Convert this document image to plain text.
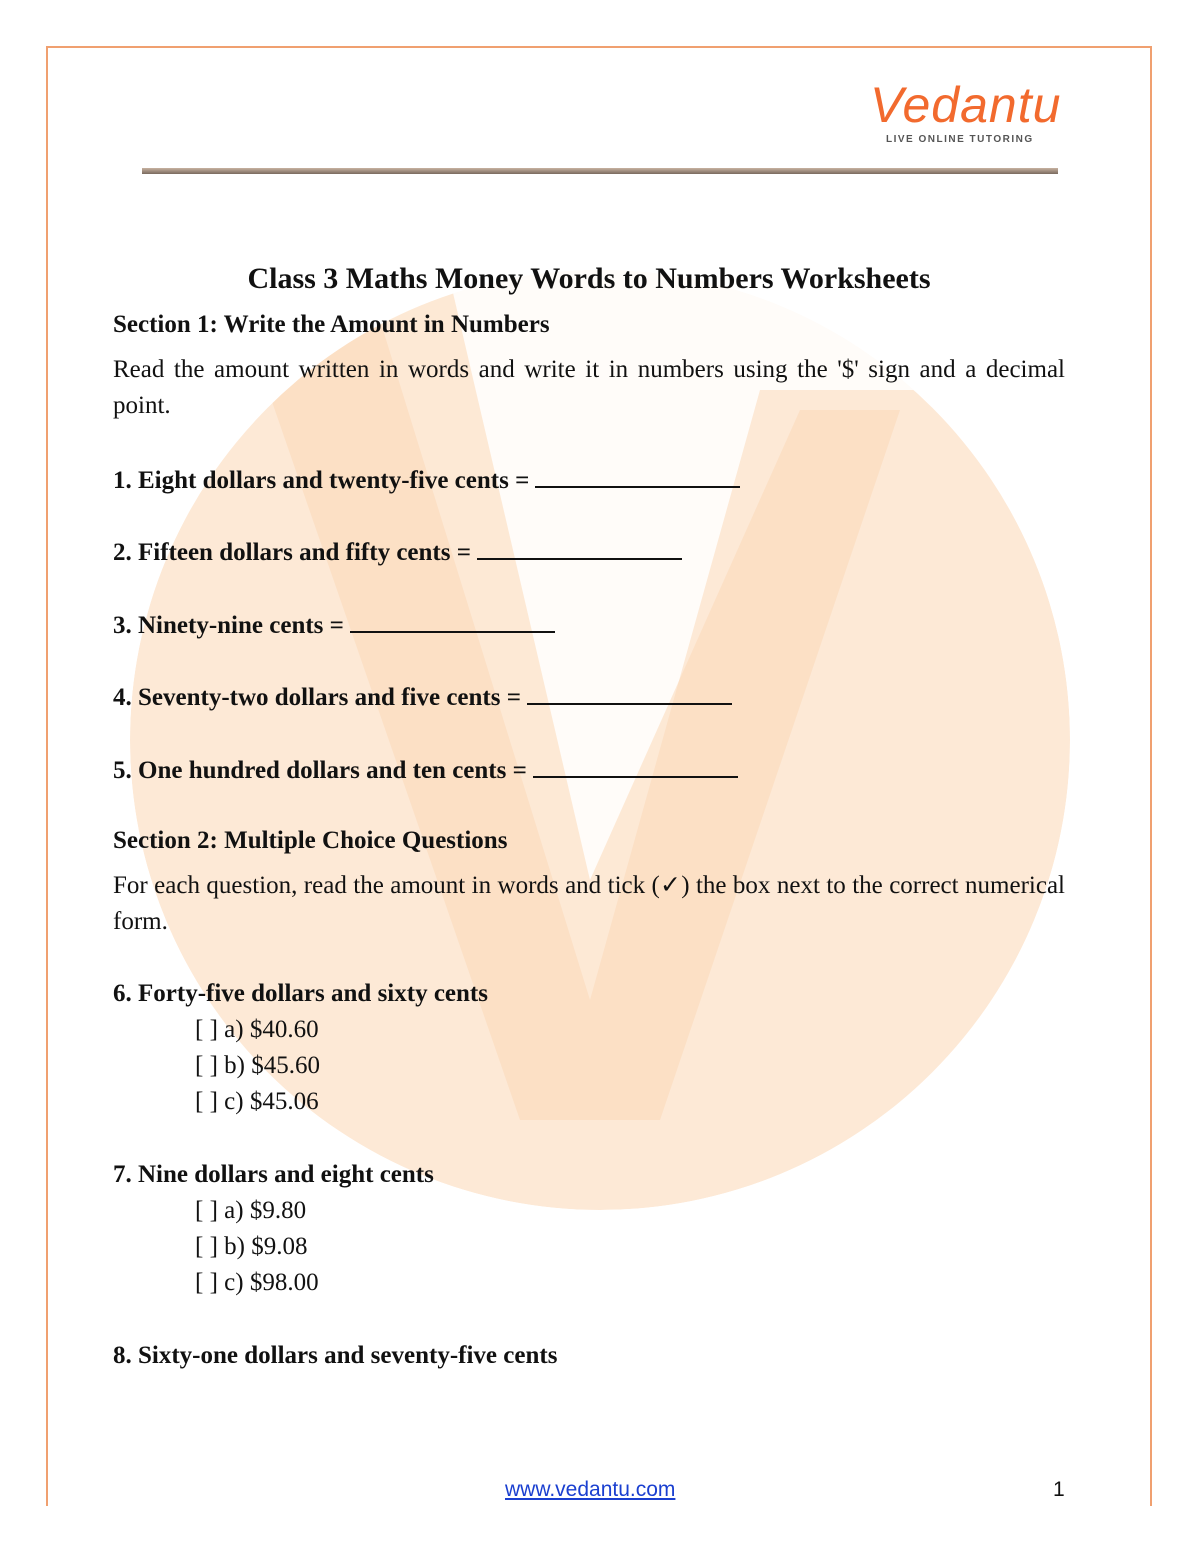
Vedantu
LIVE ONLINE TUTORING
Class 3 Maths Money Words to Numbers Worksheets
Section 1: Write the Amount in Numbers
Read the amount written in words and write it in numbers using the '$' sign and a decimal point.
1. Eight dollars and twenty-five cents =
2. Fifteen dollars and fifty cents =
3. Ninety-nine cents =
4. Seventy-two dollars and five cents =
5. One hundred dollars and ten cents =
Section 2: Multiple Choice Questions
For each question, read the amount in words and tick (✓) the box next to the correct numerical form.
6. Forty-five dollars and sixty cents
[ ] a) $40.60
[ ] b) $45.60
[ ] c) $45.06
7. Nine dollars and eight cents
[ ] a) $9.80
[ ] b) $9.08
[ ] c) $98.00
8. Sixty-one dollars and seventy-five cents
www.vedantu.com	1
